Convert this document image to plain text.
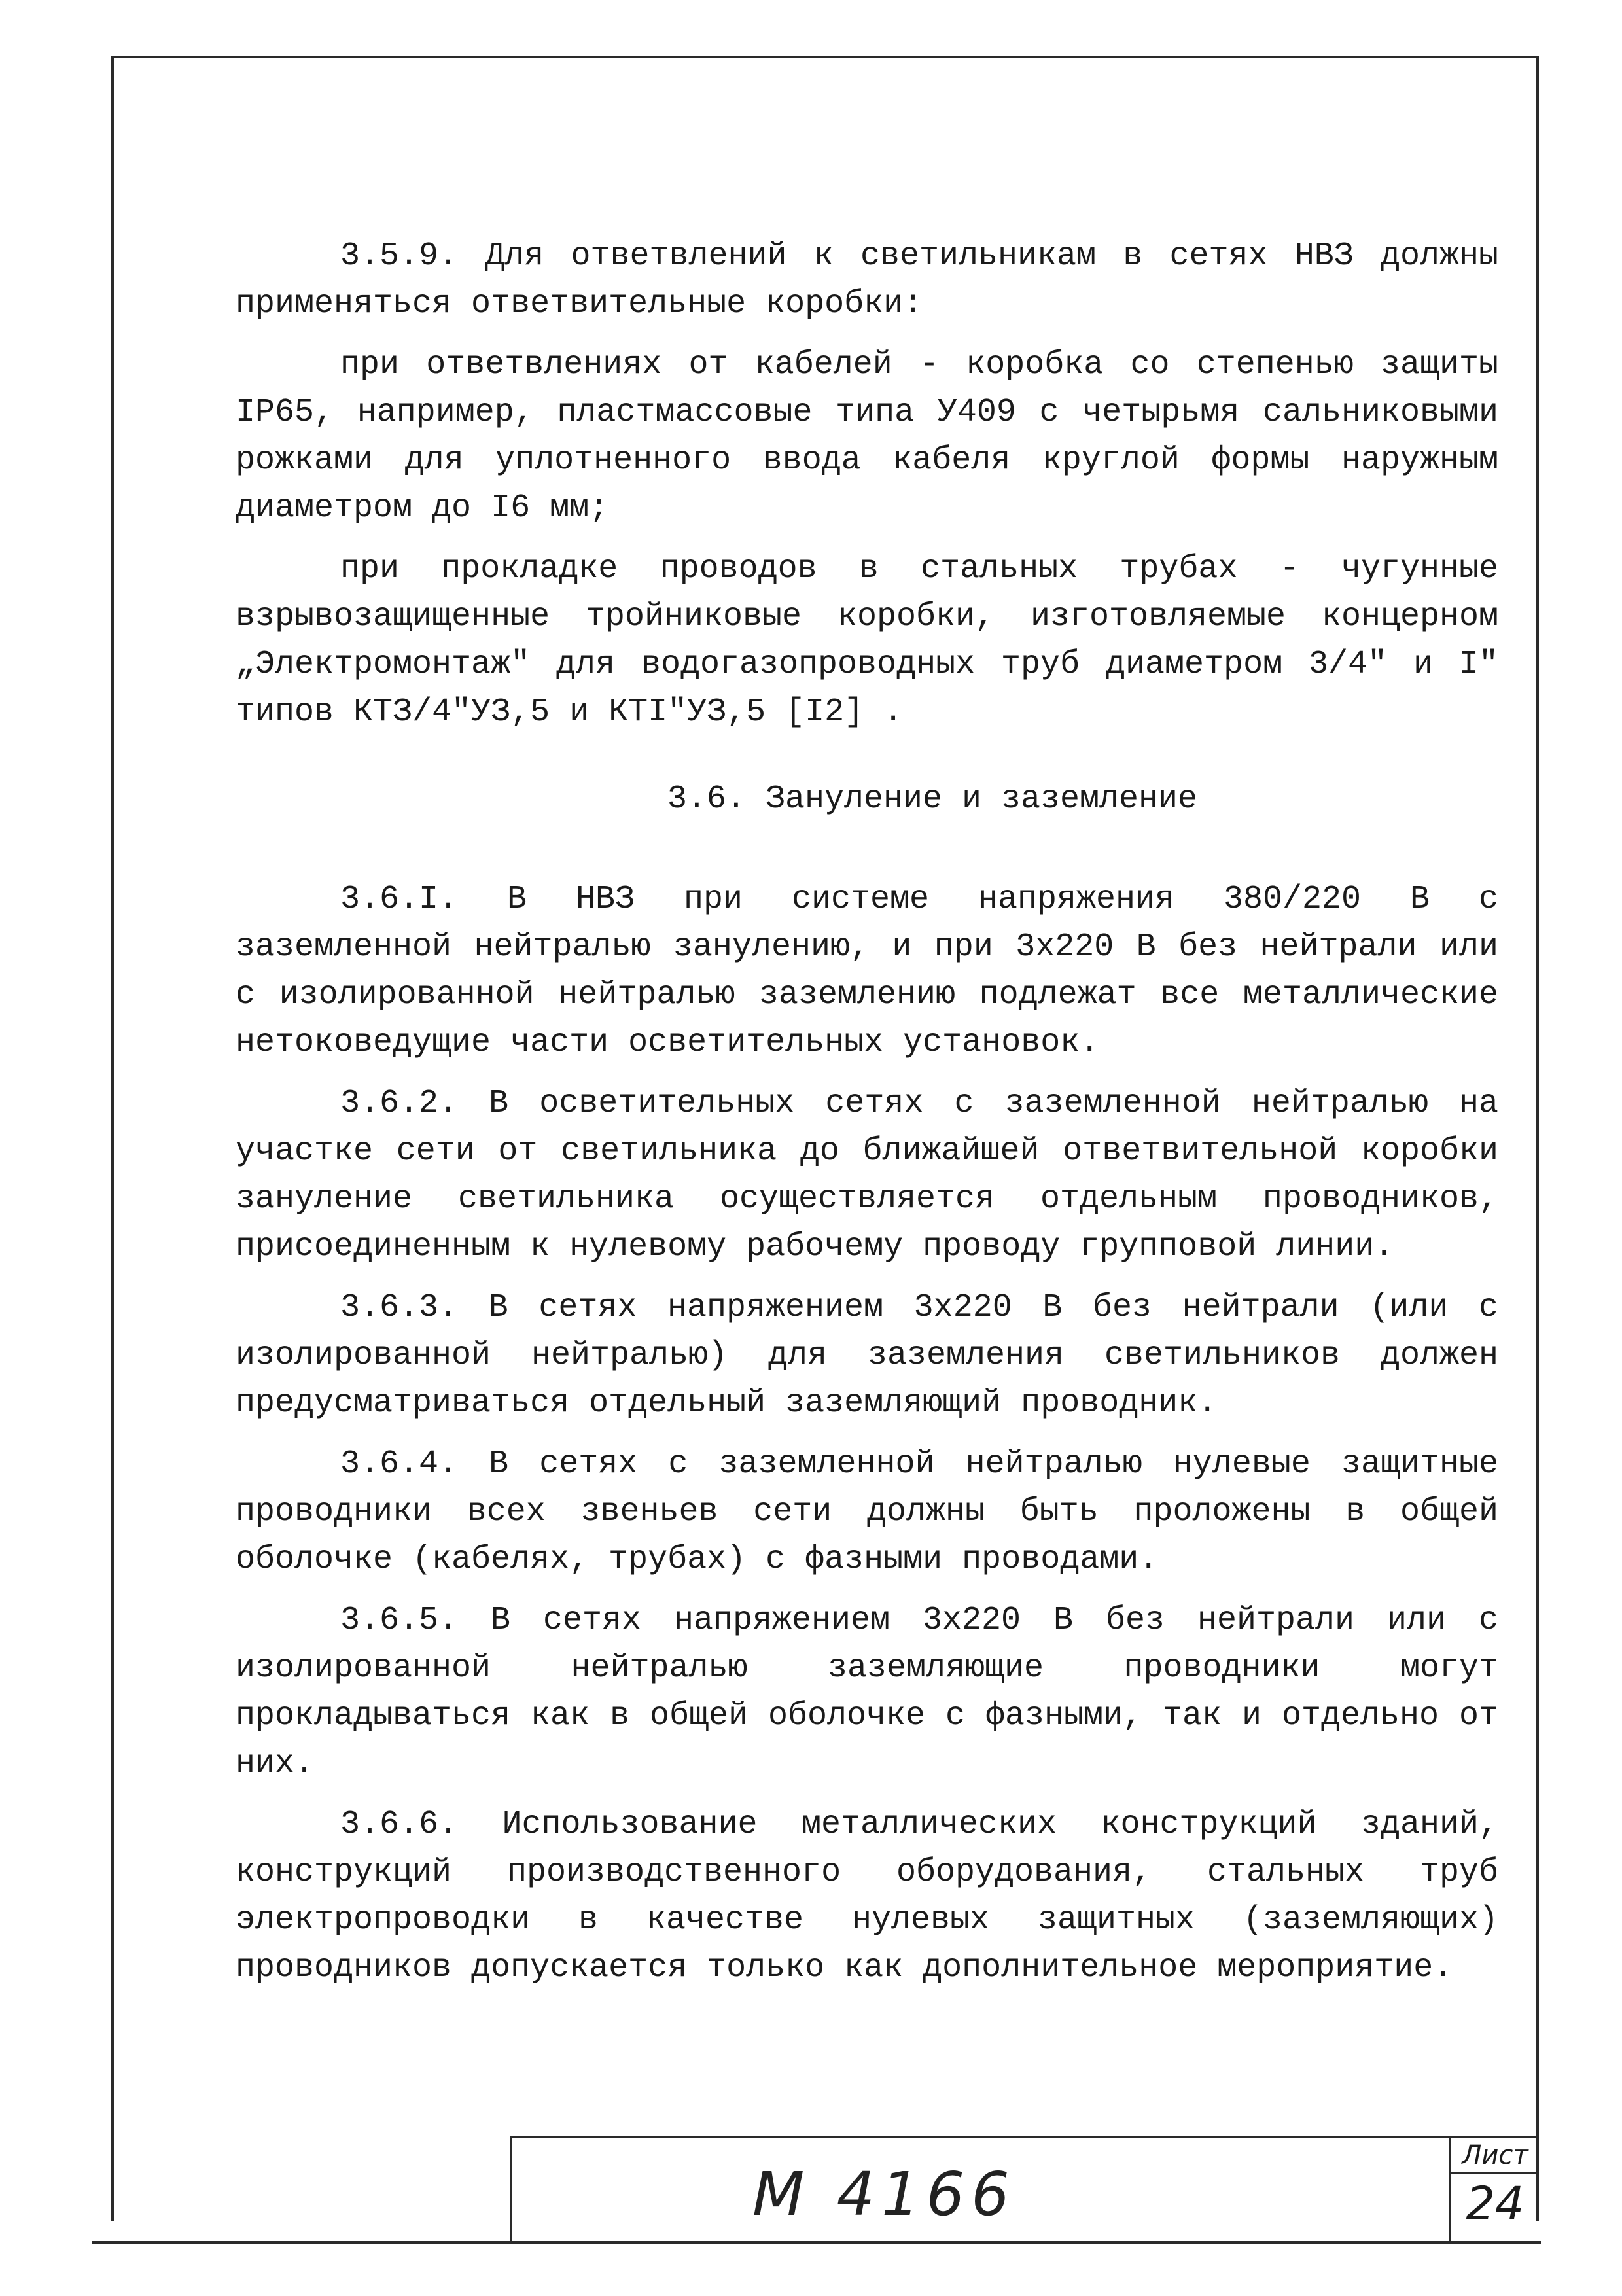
3.5.9. Для ответвлений к светильникам в сетях НВЗ должны применяться ответвительные коробки:

при ответвлениях от кабелей - коробка со степенью защиты IP65, например, пластмассовые типа У409 с четырьмя сальниковыми рожками для уплотненного ввода кабеля круглой формы наружным диаметром до I6 мм;

при прокладке проводов в стальных трубах - чугунные взрывозащищенные тройниковые коробки, изготовляемые концерном „Электромонтаж" для водогазопроводных труб диаметром 3/4" и I" типов КТЗ/4"УЗ,5 и КТI"УЗ,5 [I2] .

3.6. Зануление и заземление

3.6.I. В НВЗ при системе напряжения 380/220 В с заземленной нейтралью занулению, и при 3х220 В без нейтрали или с изолированной нейтралью заземлению подлежат все металлические нетоковедущие части осветительных установок.

3.6.2. В осветительных сетях с заземленной нейтралью на участке сети от светильника до ближайшей ответвительной коробки зануление светильника осуществляется отдельным проводников, присоединенным к нулевому рабочему проводу групповой линии.

3.6.3. В сетях напряжением 3х220 В без нейтрали (или с изолированной нейтралью) для заземления светильников должен предусматриваться отдельный заземляющий проводник.

3.6.4. В сетях с заземленной нейтралью нулевые защитные проводники всех звеньев сети должны быть проложены в общей оболочке (кабелях, трубах) с фазными проводами.

3.6.5. В сетях напряжением 3х220 В без нейтрали или с изолированной нейтралью заземляющие проводники могут прокладываться как в общей оболочке с фазными, так и отдельно от них.

3.6.6. Использование металлических конструкций зданий, конструкций производственного оборудования, стальных труб электропроводки в качестве нулевых защитных (заземляющих) проводников допускается только как дополнительное мероприятие.

М 4166
Лист
24
